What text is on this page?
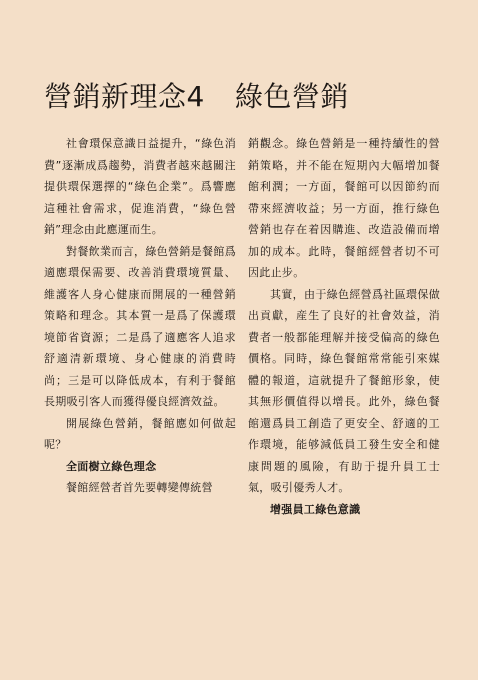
營銷新理念4 綠色營銷

社會環保意識日益提升，“綠色消費”逐漸成爲趨勢，消費者越來越關注提供環保選擇的“綠色企業”。爲響應這種社會需求，促進消費，“綠色營銷”理念由此應運而生。

對餐飲業而言，綠色營銷是餐館爲適應環保需要、改善消費環境質量、維護客人身心健康而開展的一種營銷策略和理念。其本質一是爲了保護環境節省資源；二是爲了適應客人追求舒適清新環境、身心健康的消費時尚；三是可以降低成本，有利于餐館長期吸引客人而獲得優良經濟效益。

開展綠色營銷，餐館應如何做起呢？

全面樹立綠色理念

餐館經營者首先要轉變傳統營

銷觀念。綠色營銷是一種持續性的營銷策略，并不能在短期內大幅增加餐館利潤；一方面，餐館可以因節約而帶來經濟收益；另一方面，推行綠色營銷也存在着因購進、改造設備而增加的成本。此時，餐館經營者切不可因此止步。

其實，由于綠色經營爲社區環保做出貢獻，産生了良好的社會效益，消費者一般都能理解并接受偏高的綠色價格。同時，綠色餐館常常能引來媒體的報道，這就提升了餐館形象，使其無形價值得以增長。此外，綠色餐館還爲員工創造了更安全、舒適的工作環境，能够減低員工發生安全和健康問題的風險，有助于提升員工士氣，吸引優秀人才。

增强員工綠色意識
